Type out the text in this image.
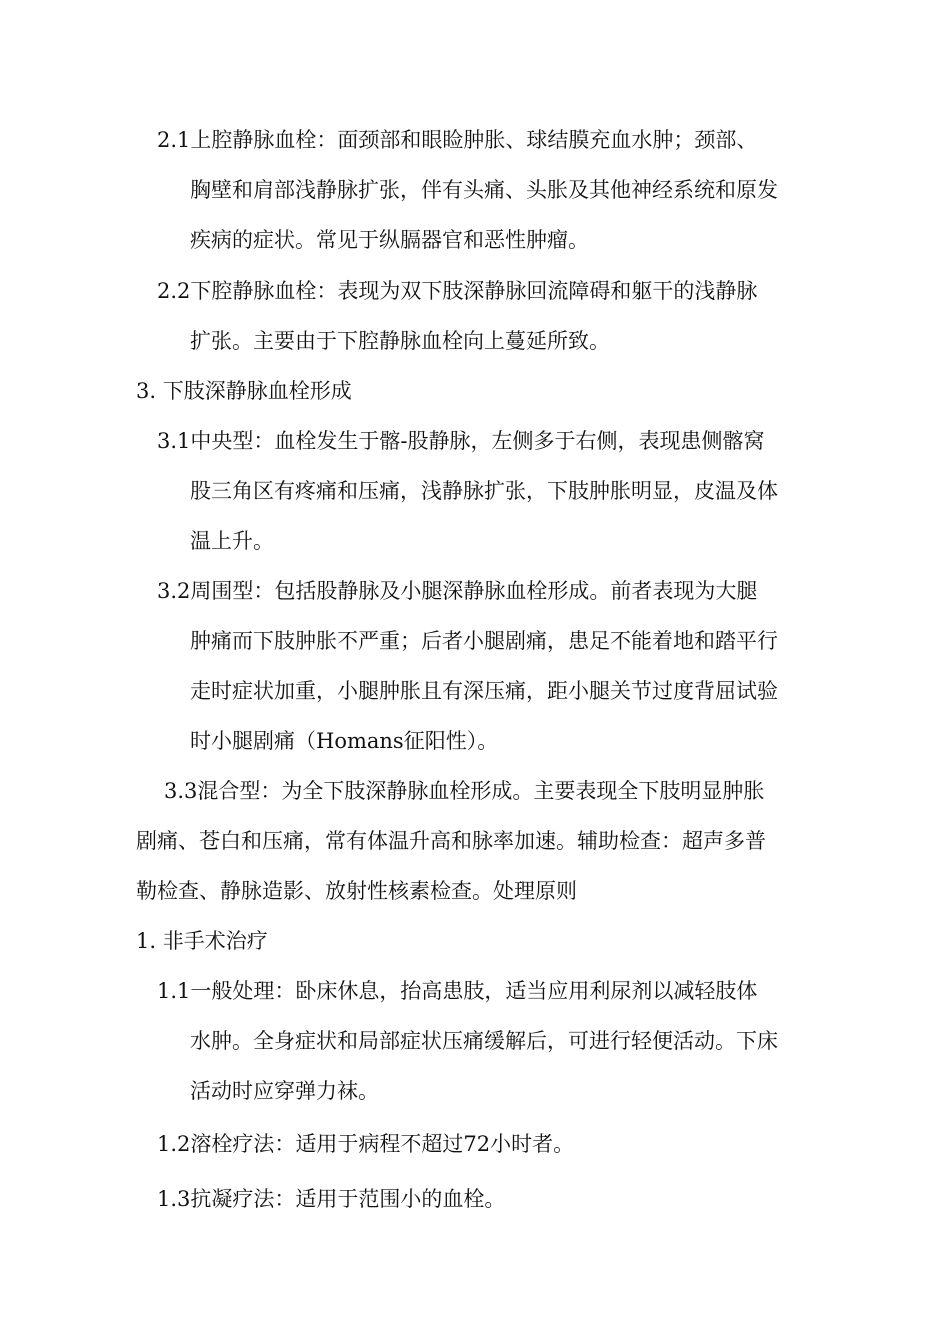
2.1上腔静脉血栓：面颈部和眼睑肿胀、球结膜充血水肿；颈部、
胸壁和肩部浅静脉扩张，伴有头痛、头胀及其他神经系统和原发
疾病的症状。常见于纵膈器官和恶性肿瘤。
2.2下腔静脉血栓：表现为双下肢深静脉回流障碍和躯干的浅静脉
扩张。主要由于下腔静脉血栓向上蔓延所致。
3. 下肢深静脉血栓形成
3.1中央型：血栓发生于髂-股静脉，左侧多于右侧，表现患侧髂窝
股三角区有疼痛和压痛，浅静脉扩张，下肢肿胀明显，皮温及体
温上升。
3.2周围型：包括股静脉及小腿深静脉血栓形成。前者表现为大腿
肿痛而下肢肿胀不严重；后者小腿剧痛，患足不能着地和踏平行
走时症状加重，小腿肿胀且有深压痛，距小腿关节过度背屈试验
时小腿剧痛（Homans征阳性）。
3.3混合型：为全下肢深静脉血栓形成。主要表现全下肢明显肿胀
剧痛、苍白和压痛，常有体温升高和脉率加速。辅助检查：超声多普
勒检查、静脉造影、放射性核素检查。处理原则
1. 非手术治疗
1.1一般处理：卧床休息，抬高患肢，适当应用利尿剂以减轻肢体
水肿。全身症状和局部症状压痛缓解后，可进行轻便活动。下床
活动时应穿弹力袜。
1.2溶栓疗法：适用于病程不超过72小时者。
1.3抗凝疗法：适用于范围小的血栓。
